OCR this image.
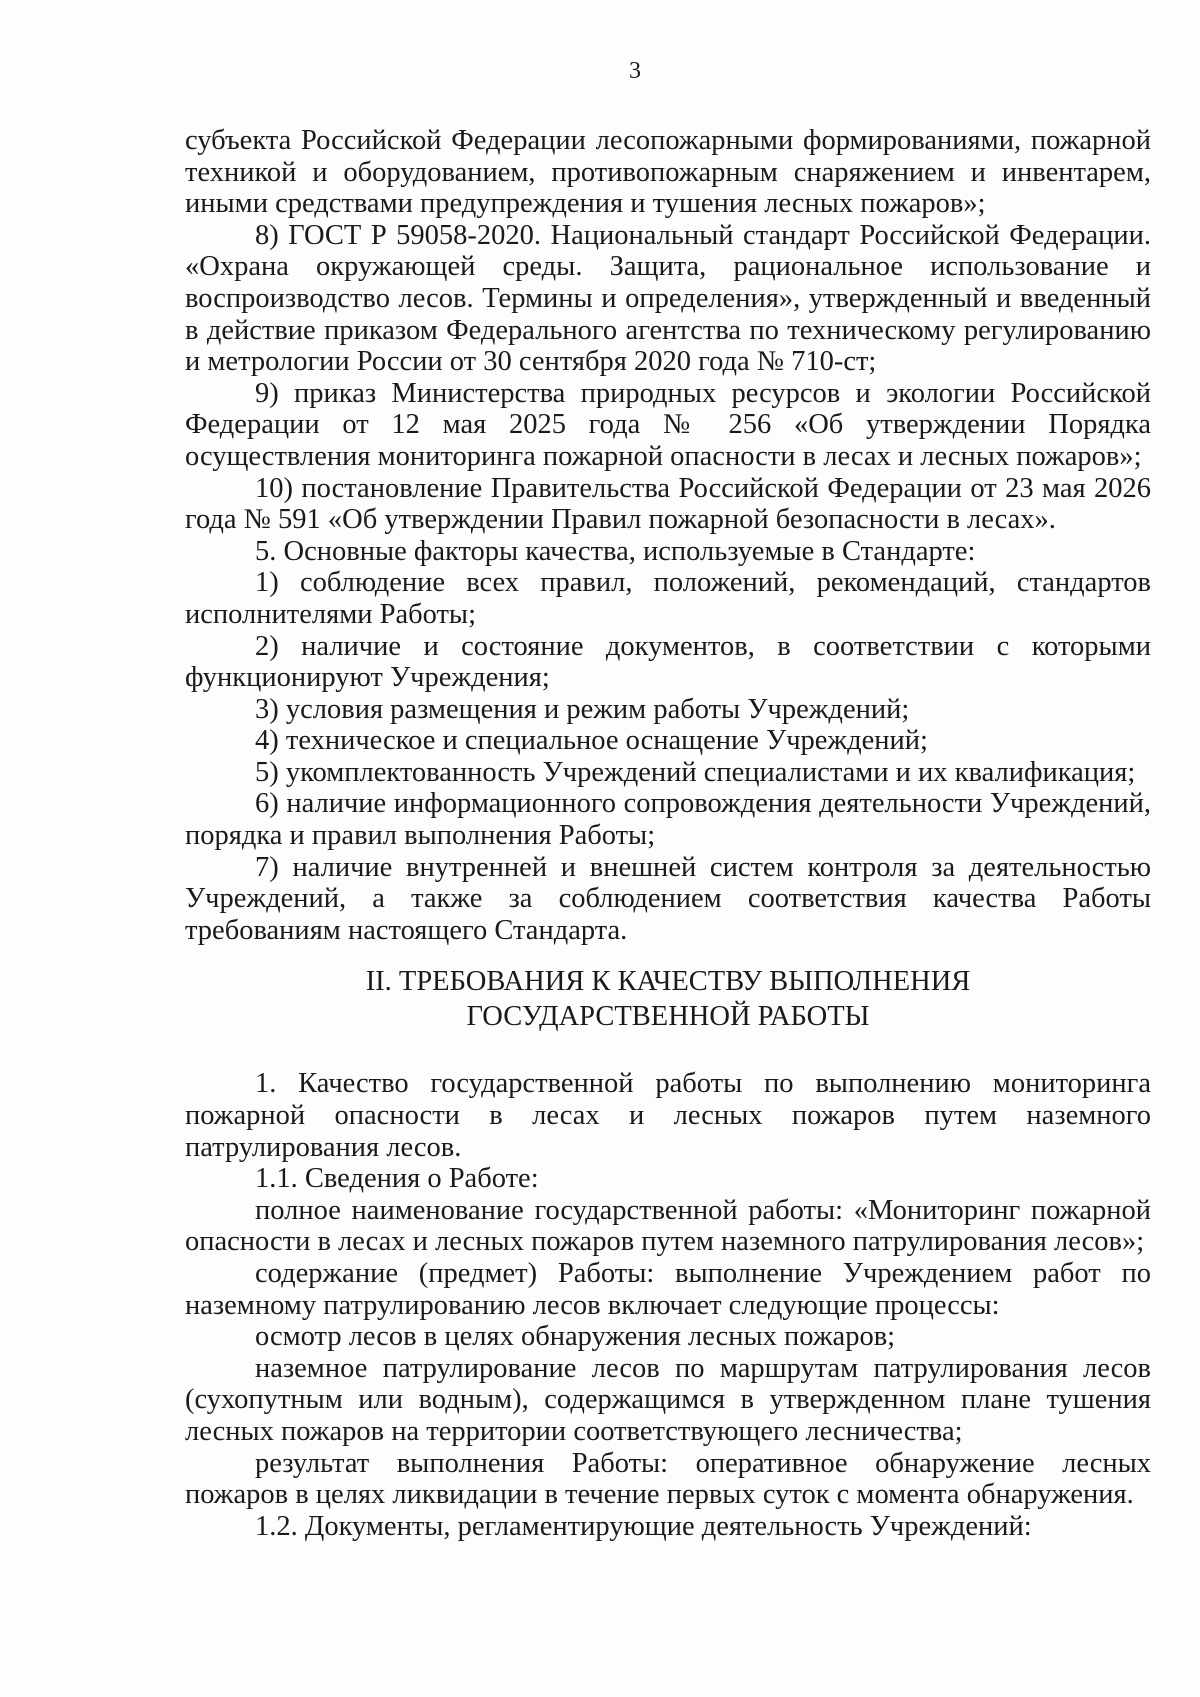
3

субъекта Российской Федерации лесопожарными формированиями, пожарной техникой и оборудованием, противопожарным снаряжением и инвентарем, иными средствами предупреждения и тушения лесных пожаров»;

8) ГОСТ Р 59058-2020. Национальный стандарт Российской Федерации. «Охрана окружающей среды. Защита, рациональное использование и воспроизводство лесов. Термины и определения», утвержденный и введенный в действие приказом Федерального агентства по техническому регулированию и метрологии России от 30 сентября 2020 года № 710-ст;

9) приказ Министерства природных ресурсов и экологии Российской Федерации от 12 мая 2025 года № 256 «Об утверждении Порядка осуществления мониторинга пожарной опасности в лесах и лесных пожаров»;

10) постановление Правительства Российской Федерации от 23 мая 2026 года № 591 «Об утверждении Правил пожарной безопасности в лесах».

5. Основные факторы качества, используемые в Стандарте:

1) соблюдение всех правил, положений, рекомендаций, стандартов исполнителями Работы;

2) наличие и состояние документов, в соответствии с которыми функционируют Учреждения;

3) условия размещения и режим работы Учреждений;

4) техническое и специальное оснащение Учреждений;

5) укомплектованность Учреждений специалистами и их квалификация;

6) наличие информационного сопровождения деятельности Учреждений, порядка и правил выполнения Работы;

7) наличие внутренней и внешней систем контроля за деятельностью Учреждений, а также за соблюдением соответствия качества Работы требованиям настоящего Стандарта.

II. ТРЕБОВАНИЯ К КАЧЕСТВУ ВЫПОЛНЕНИЯ
ГОСУДАРСТВЕННОЙ РАБОТЫ

1. Качество государственной работы по выполнению мониторинга пожарной опасности в лесах и лесных пожаров путем наземного патрулирования лесов.

1.1. Сведения о Работе:

полное наименование государственной работы: «Мониторинг пожарной опасности в лесах и лесных пожаров путем наземного патрулирования лесов»;

содержание (предмет) Работы: выполнение Учреждением работ по наземному патрулированию лесов включает следующие процессы:

осмотр лесов в целях обнаружения лесных пожаров;

наземное патрулирование лесов по маршрутам патрулирования лесов (сухопутным или водным), содержащимся в утвержденном плане тушения лесных пожаров на территории соответствующего лесничества;

результат выполнения Работы: оперативное обнаружение лесных пожаров в целях ликвидации в течение первых суток с момента обнаружения.

1.2. Документы, регламентирующие деятельность Учреждений:
